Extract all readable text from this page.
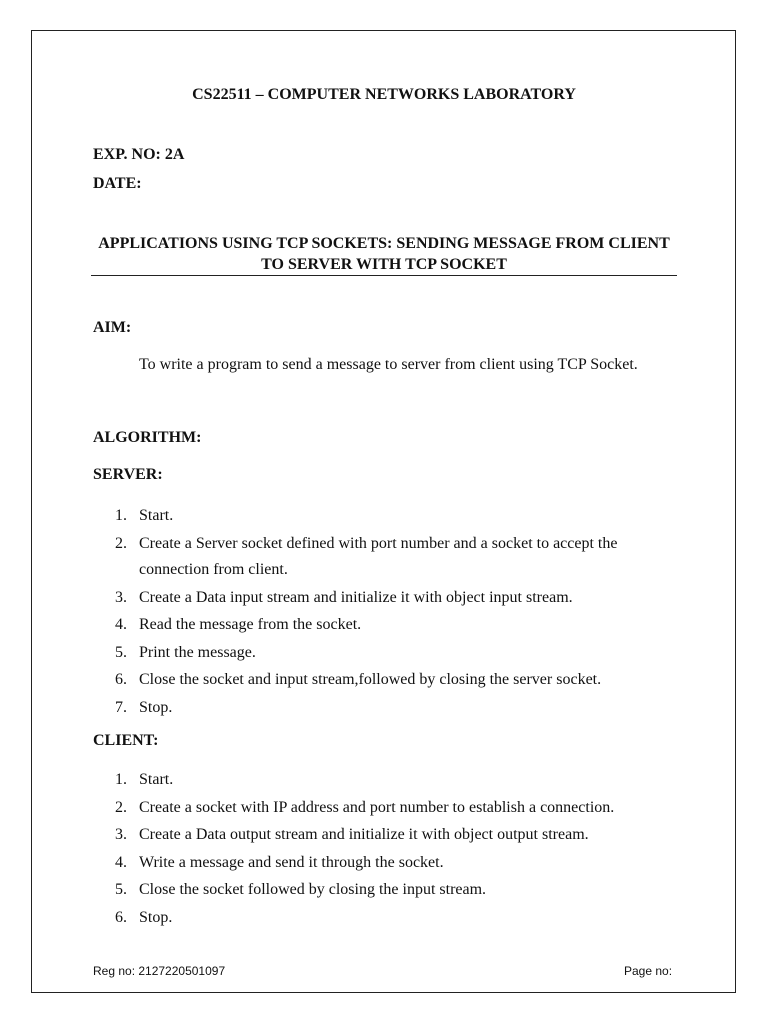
CS22511 – COMPUTER NETWORKS LABORATORY
EXP. NO: 2A
DATE:
APPLICATIONS USING TCP SOCKETS: SENDING MESSAGE FROM CLIENT TO SERVER WITH TCP SOCKET
AIM:
To write a program to send a message to server from client using TCP Socket.
ALGORITHM:
SERVER:
1. Start.
2. Create a Server socket defined with port number and a socket to accept the connection from client.
3. Create a Data input stream and initialize it with object input stream.
4. Read the message from the socket.
5. Print the message.
6. Close the socket and input stream,followed by closing the server socket.
7. Stop.
CLIENT:
1. Start.
2. Create a socket with IP address and port number to establish a connection.
3. Create a Data output stream and initialize it with object output stream.
4. Write a message and send it through the socket.
5. Close the socket followed by closing the input stream.
6. Stop.
Reg no: 2127220501097	Page no:
